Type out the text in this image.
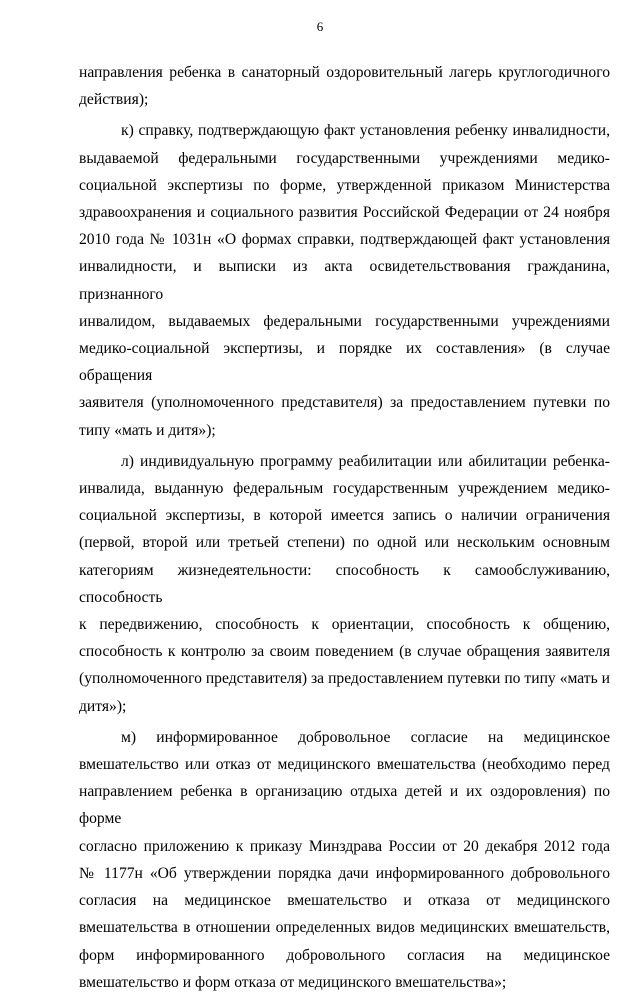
6

направления ребенка в санаторный оздоровительный лагерь круглогодичного
действия);

к) справку, подтверждающую факт установления ребенку инвалидности,
выдаваемой федеральными государственными учреждениями медико-
социальной экспертизы по форме, утвержденной приказом Министерства
здравоохранения и социального развития Российской Федерации от 24 ноября
2010 года № 1031н «О формах справки, подтверждающей факт установления
инвалидности, и выписки из акта освидетельствования гражданина, признанного
инвалидом, выдаваемых федеральными государственными учреждениями
медико-социальной экспертизы, и порядке их составления» (в случае обращения
заявителя (уполномоченного представителя) за предоставлением путевки по
типу «мать и дитя»);

л) индивидуальную программу реабилитации или абилитации ребенка-
инвалида, выданную федеральным государственным учреждением медико-
социальной экспертизы, в которой имеется запись о наличии ограничения
(первой, второй или третьей степени) по одной или нескольким основным
категориям жизнедеятельности: способность к самообслуживанию, способность
к передвижению, способность к ориентации, способность к общению,
способность к контролю за своим поведением (в случае обращения заявителя
(уполномоченного представителя) за предоставлением путевки по типу «мать и
дитя»);

м) информированное добровольное согласие на медицинское
вмешательство или отказ от медицинского вмешательства (необходимо перед
направлением ребенка в организацию отдыха детей и их оздоровления) по форме
согласно приложению к приказу Минздрава России от 20 декабря 2012 года
№ 1177н «Об утверждении порядка дачи информированного добровольного
согласия на медицинское вмешательство и отказа от медицинского
вмешательства в отношении определенных видов медицинских вмешательств,
форм информированного добровольного согласия на медицинское
вмешательство и форм отказа от медицинского вмешательства»;
